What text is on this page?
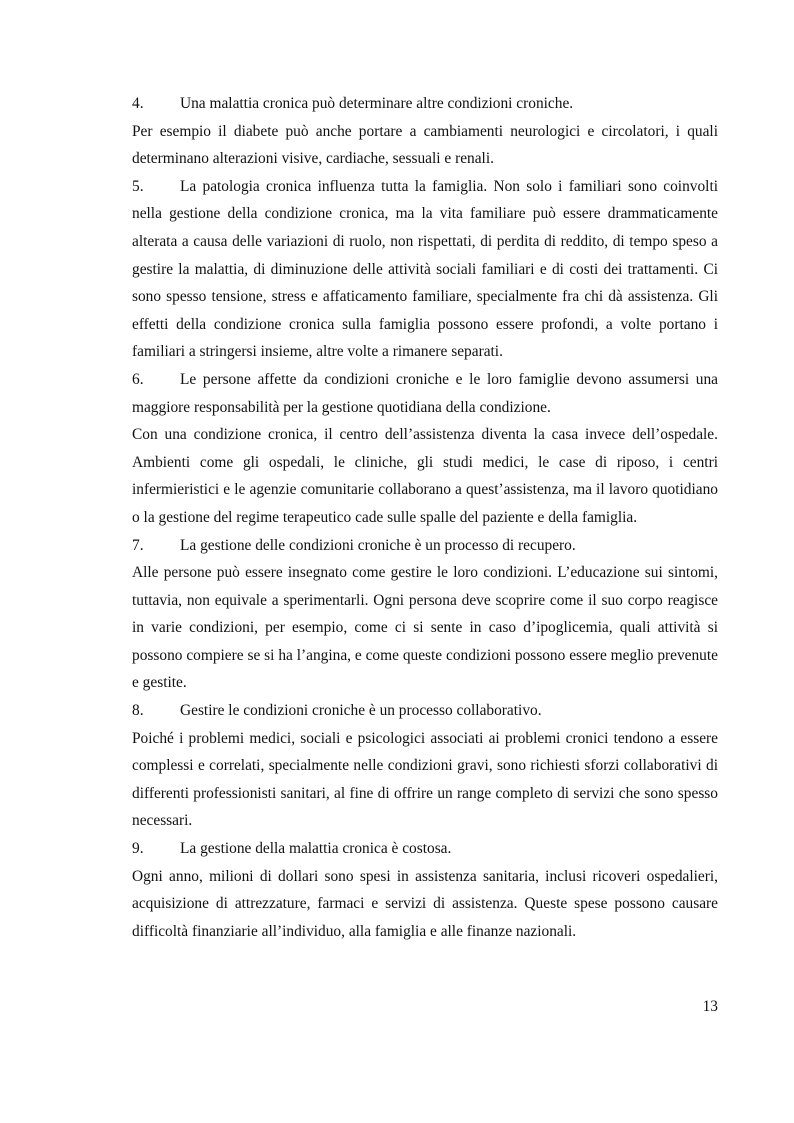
4. Una malattia cronica può determinare altre condizioni croniche.

Per esempio il diabete può anche portare a cambiamenti neurologici e circolatori, i quali determinano alterazioni visive, cardiache, sessuali e renali.

5. La patologia cronica influenza tutta la famiglia. Non solo i familiari sono coinvolti nella gestione della condizione cronica, ma la vita familiare può essere drammaticamente alterata a causa delle variazioni di ruolo, non rispettati, di perdita di reddito, di tempo speso a gestire la malattia, di diminuzione delle attività sociali familiari e di costi dei trattamenti. Ci sono spesso tensione, stress e affaticamento familiare, specialmente fra chi dà assistenza. Gli effetti della condizione cronica sulla famiglia possono essere profondi, a volte portano i familiari a stringersi insieme, altre volte a rimanere separati.

6. Le persone affette da condizioni croniche e le loro famiglie devono assumersi una maggiore responsabilità per la gestione quotidiana della condizione.

Con una condizione cronica, il centro dell’assistenza diventa la casa invece dell’ospedale. Ambienti come gli ospedali, le cliniche, gli studi medici, le case di riposo, i centri infermieristici e le agenzie comunitarie collaborano a quest’assistenza, ma il lavoro quotidiano o la gestione del regime terapeutico cade sulle spalle del paziente e della famiglia.

7. La gestione delle condizioni croniche è un processo di recupero.

Alle persone può essere insegnato come gestire le loro condizioni. L’educazione sui sintomi, tuttavia, non equivale a sperimentarli. Ogni persona deve scoprire come il suo corpo reagisce in varie condizioni, per esempio, come ci si sente in caso d’ipoglicemia, quali attività si possono compiere se si ha l’angina, e come queste condizioni possono essere meglio prevenute e gestite.

8. Gestire le condizioni croniche è un processo collaborativo.

Poiché i problemi medici, sociali e psicologici associati ai problemi cronici tendono a essere complessi e correlati, specialmente nelle condizioni gravi, sono richiesti sforzi collaborativi di differenti professionisti sanitari, al fine di offrire un range completo di servizi che sono spesso necessari.

9. La gestione della malattia cronica è costosa.

Ogni anno, milioni di dollari sono spesi in assistenza sanitaria, inclusi ricoveri ospedalieri, acquisizione di attrezzature, farmaci e servizi di assistenza. Queste spese possono causare difficoltà finanziarie all’individuo, alla famiglia e alle finanze nazionali.

13
